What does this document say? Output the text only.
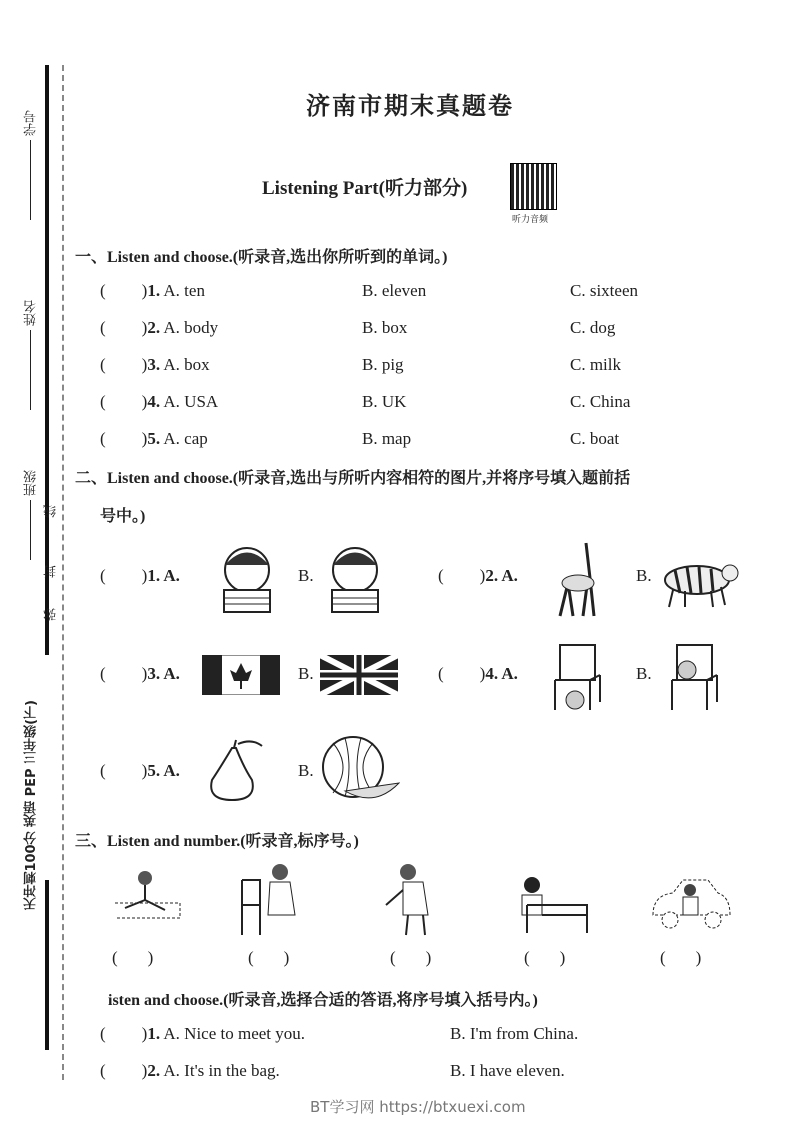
学号
姓名
班级
线
封
弥
天冲刺100分 英语 PEP 三年级(下)
济南市期末真题卷
Listening Part(听力部分)
听力音频
一、Listen and choose.(听录音,选出你所听到的单词。)
( )1. A. ten	B. eleven	C. sixteen
( )2. A. body	B. box	C. dog
( )3. A. box	B. pig	C. milk
( )4. A. USA	B. UK	C. China
( )5. A. cap	B. map	C. boat
二、Listen and choose.(听录音,选出与所听内容相符的图片,并将序号填入题前括
号中。)
( )1. A.	B.	( )2. A.	B.
( )3. A.	B.	( )4. A.	B.
( )5. A.	B.
三、Listen and number.(听录音,标序号。)
( )	( )	( )	( )	( )
isten and choose.(听录音,选择合适的答语,将序号填入括号内。)
( )1. A. Nice to meet you.	B. I'm from China.
( )2. A. It's in the bag.	B. I have eleven.
BT学习网 https://btxuexi.com
